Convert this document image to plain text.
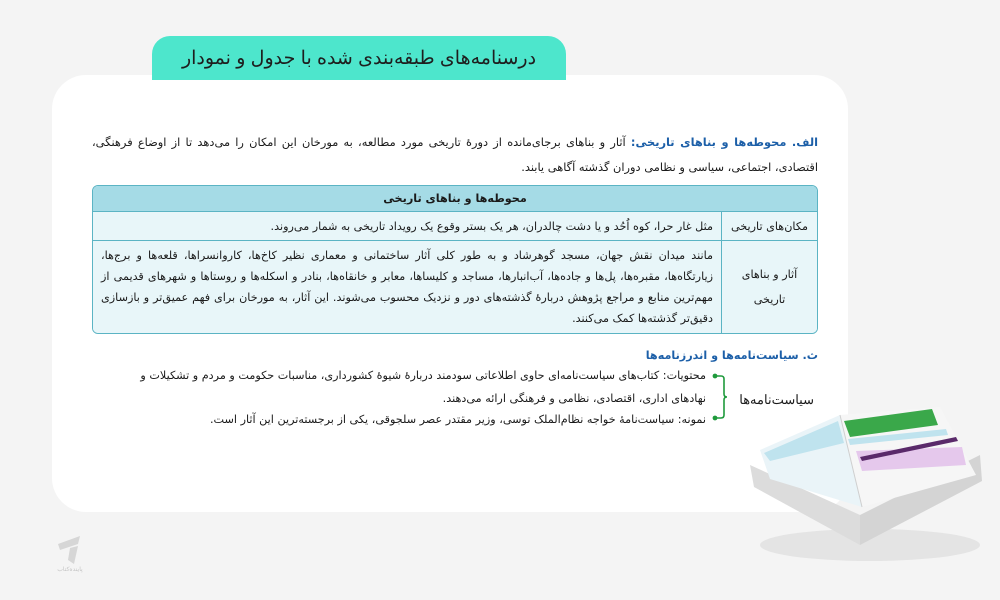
درسنامه‌های طبقه‌بندی شده با جدول و نمودار

الف. محوطه‌ها و بناهای تاریخی: آثار و بناهای برجای‌مانده از دورهٔ تاریخی مورد مطالعه، به مورخان این امکان را می‌دهد تا از اوضاع فرهنگی، اقتصادی، اجتماعی، سیاسی و نظامی دوران گذشته آگاهی یابند.

محوطه‌ها و بناهای تاریخی	
مکان‌های تاریخی	مثل غار حرا، کوه اُحُد و یا دشت چالدران، هر یک بستر وقوع یک رویداد تاریخی به شمار می‌روند.
آثار و بناهای تاریخی	مانند میدان نقش جهان، مسجد گوهرشاد و به طور کلی آثار ساختمانی و معماری نظیر کاخ‌ها، کاروانسراها، قلعه‌ها و برج‌ها، زیارتگاه‌ها، مقبره‌ها، پل‌ها و جاده‌ها، آب‌انبارها، مساجد و کلیساها، معابر و خانقاه‌ها، بنادر و اسکله‌ها و روستاها و شهرهای قدیمی از مهم‌ترین منابع و مراجع پژوهش دربارهٔ گذشته‌های دور و نزدیک محسوب می‌شوند. این آثار، به مورخان برای فهم عمیق‌تر و بازسازی دقیق‌تر گذشته‌ها کمک می‌کنند.
ث. سیاست‌نامه‌ها و اندرزنامه‌ها
سیاست‌نامه‌ها
محتویات: کتاب‌های سیاست‌نامه‌ای حاوی اطلاعاتی سودمند دربارهٔ شیوهٔ کشورداری، مناسبات حکومت و مردم و تشکیلات و
نهادهای اداری، اقتصادی، نظامی و فرهنگی ارائه می‌دهند.
نمونه: سیاست‌نامهٔ خواجه نظام‌الملک توسی، وزیر مقتدر عصر سلجوقی، یکی از برجسته‌ترین این آثار است.
پاینده‌کتاب
